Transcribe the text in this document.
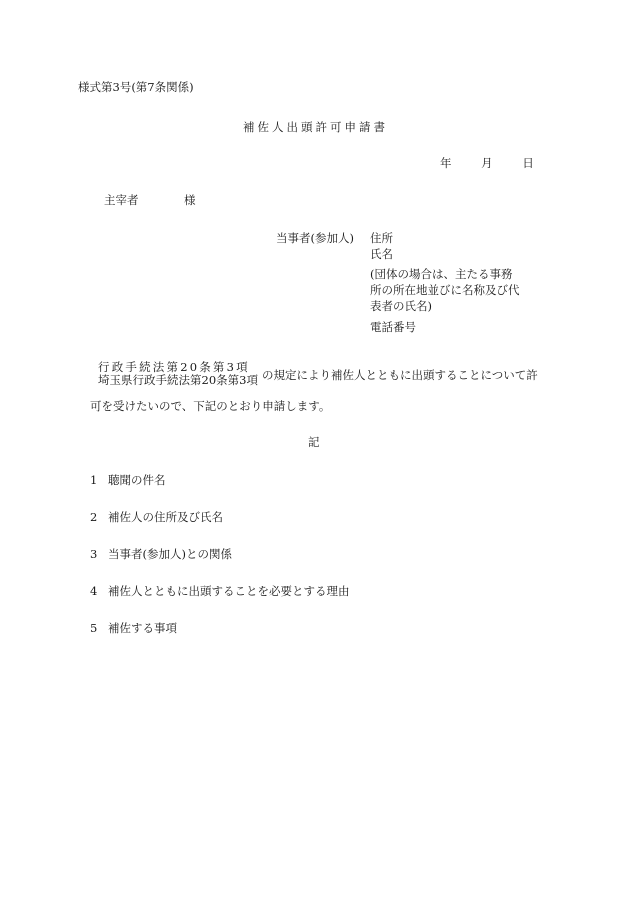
様式第3号(第7条関係)
補佐人出頭許可申請書
年	月	日
主宰者	様
当事者(参加人) 住所
氏名
(団体の場合は、主たる事務
所の所在地並びに名称及び代
表者の氏名)
電話番号
行政手続法第20条第3項
埼玉県行政手続法第20条第3項 の規定により補佐人とともに出頭することについて許
可を受けたいので、下記のとおり申請します。
記
1 聴聞の件名
2 補佐人の住所及び氏名
3 当事者(参加人)との関係
4 補佐人とともに出頭することを必要とする理由
5 補佐する事項
